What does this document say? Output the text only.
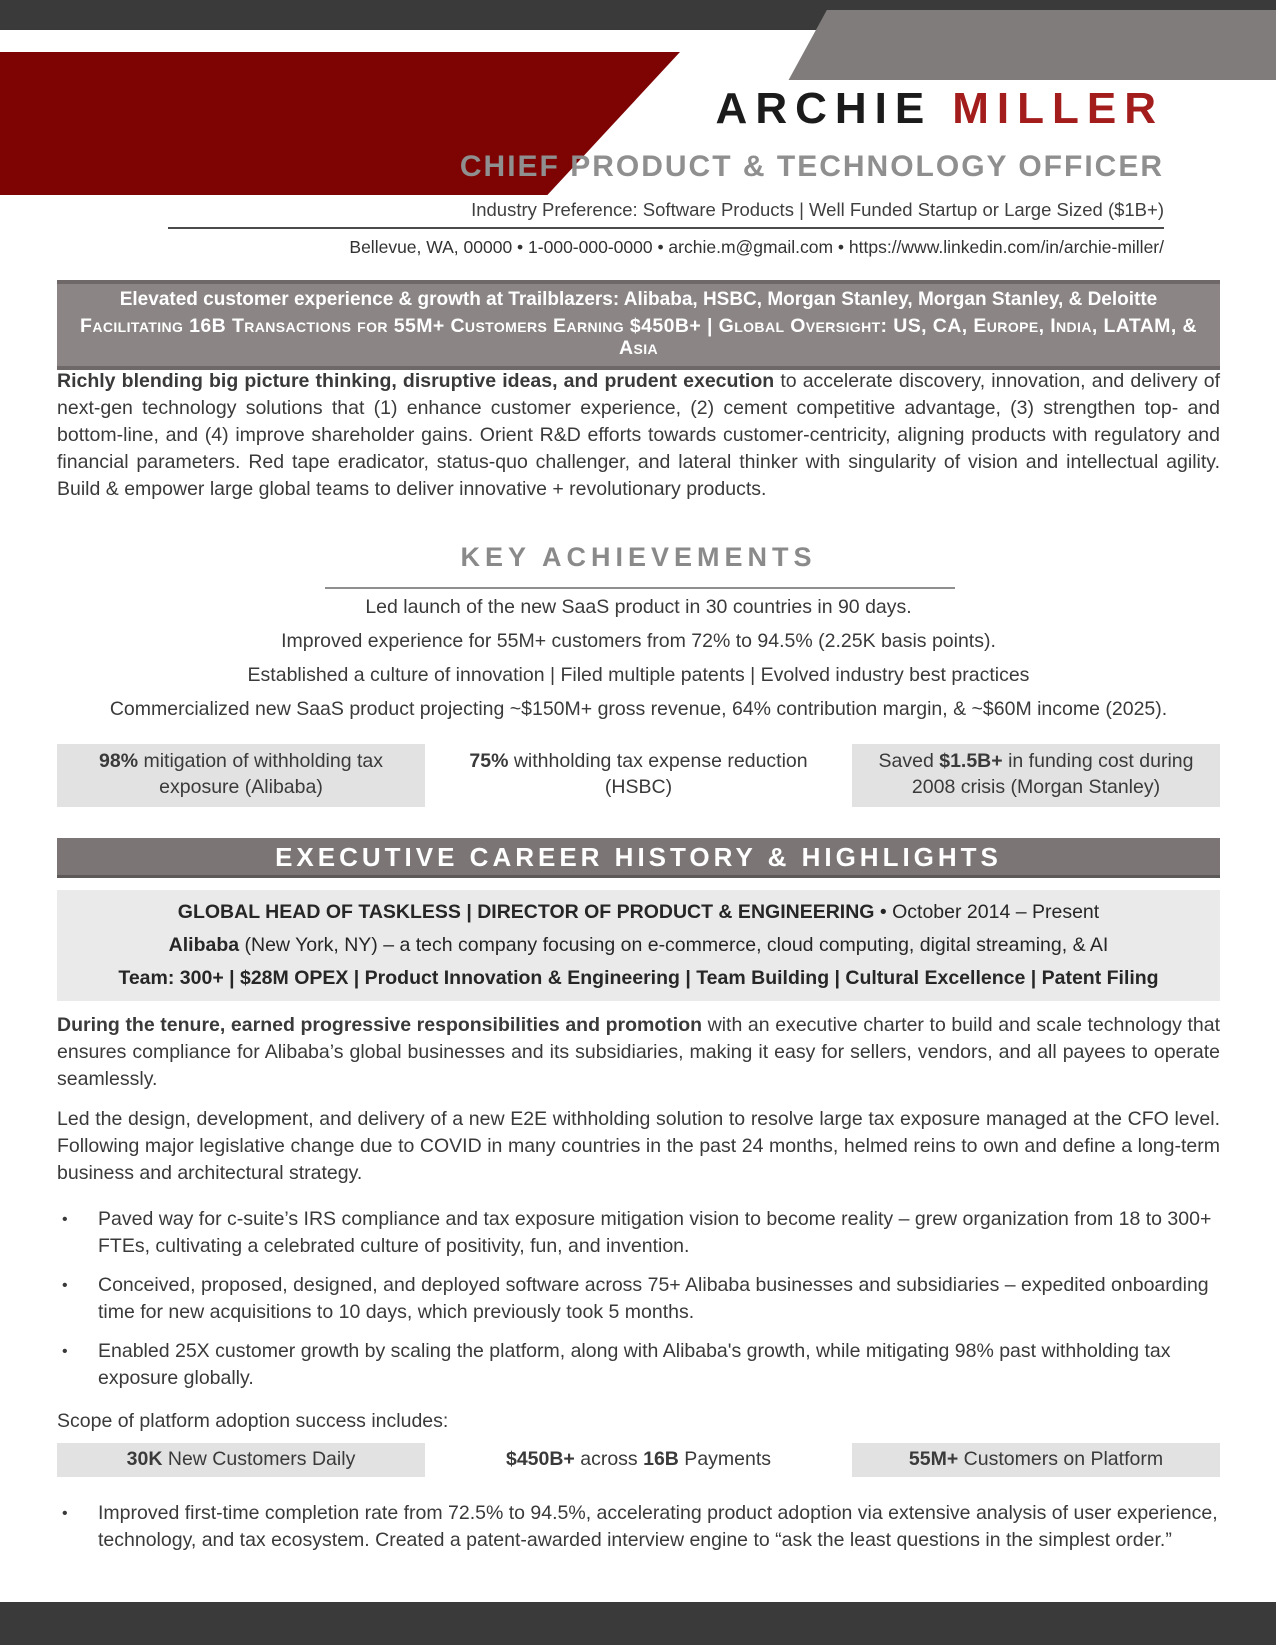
ARCHIE MILLER
CHIEF PRODUCT & TECHNOLOGY OFFICER
Industry Preference: Software Products | Well Funded Startup or Large Sized ($1B+)
Bellevue, WA, 00000 • 1-000-000-0000 • archie.m@gmail.com • https://www.linkedin.com/in/archie-miller/
Elevated customer experience & growth at Trailblazers: Alibaba, HSBC, Morgan Stanley, Morgan Stanley, & Deloitte
Facilitating 16B Transactions for 55M+ Customers Earning $450B+ | Global Oversight: US, CA, Europe, India, LATAM, & Asia
Richly blending big picture thinking, disruptive ideas, and prudent execution to accelerate discovery, innovation, and delivery of next-gen technology solutions that (1) enhance customer experience, (2) cement competitive advantage, (3) strengthen top- and bottom-line, and (4) improve shareholder gains. Orient R&D efforts towards customer-centricity, aligning products with regulatory and financial parameters. Red tape eradicator, status-quo challenger, and lateral thinker with singularity of vision and intellectual agility. Build & empower large global teams to deliver innovative + revolutionary products.
KEY ACHIEVEMENTS
Led launch of the new SaaS product in 30 countries in 90 days.
Improved experience for 55M+ customers from 72% to 94.5% (2.25K basis points).
Established a culture of innovation | Filed multiple patents | Evolved industry best practices
Commercialized new SaaS product projecting ~$150M+ gross revenue, 64% contribution margin, & ~$60M income (2025).
98% mitigation of withholding tax exposure (Alibaba)
75% withholding tax expense reduction (HSBC)
Saved $1.5B+ in funding cost during 2008 crisis (Morgan Stanley)
EXECUTIVE CAREER HISTORY & HIGHLIGHTS
GLOBAL HEAD OF TASKLESS | DIRECTOR OF PRODUCT & ENGINEERING • October 2014 – Present
Alibaba (New York, NY) – a tech company focusing on e-commerce, cloud computing, digital streaming, & AI
Team: 300+ | $28M OPEX | Product Innovation & Engineering | Team Building | Cultural Excellence | Patent Filing
During the tenure, earned progressive responsibilities and promotion with an executive charter to build and scale technology that ensures compliance for Alibaba’s global businesses and its subsidiaries, making it easy for sellers, vendors, and all payees to operate seamlessly.
Led the design, development, and delivery of a new E2E withholding solution to resolve large tax exposure managed at the CFO level. Following major legislative change due to COVID in many countries in the past 24 months, helmed reins to own and define a long-term business and architectural strategy.
•	Paved way for c-suite’s IRS compliance and tax exposure mitigation vision to become reality – grew organization from 18 to 300+ FTEs, cultivating a celebrated culture of positivity, fun, and invention.
•	Conceived, proposed, designed, and deployed software across 75+ Alibaba businesses and subsidiaries – expedited onboarding time for new acquisitions to 10 days, which previously took 5 months.
•	Enabled 25X customer growth by scaling the platform, along with Alibaba's growth, while mitigating 98% past withholding tax exposure globally.
Scope of platform adoption success includes:
30K New Customers Daily	$450B+ across 16B Payments	55M+ Customers on Platform
•	Improved first-time completion rate from 72.5% to 94.5%, accelerating product adoption via extensive analysis of user experience, technology, and tax ecosystem. Created a patent-awarded interview engine to “ask the least questions in the simplest order.”
